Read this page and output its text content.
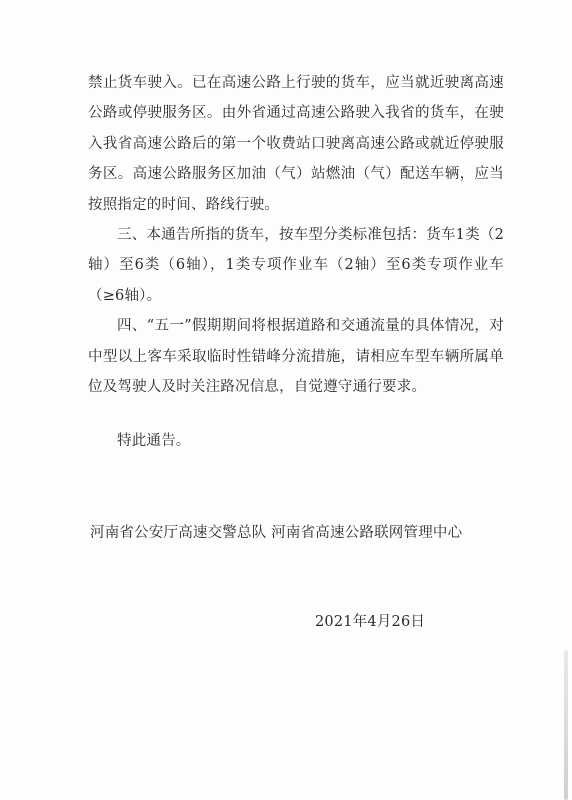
禁止货车驶入。已在高速公路上行驶的货车，应当就近驶离高速公路或停驶服务区。由外省通过高速公路驶入我省的货车，在驶入我省高速公路后的第一个收费站口驶离高速公路或就近停驶服务区。高速公路服务区加油（气）站燃油（气）配送车辆，应当按照指定的时间、路线行驶。

三、本通告所指的货车，按车型分类标准包括：货车1类（2轴）至6类（6轴），1类专项作业车（2轴）至6类专项作业车（≥6轴）。

四、“五一”假期期间将根据道路和交通流量的具体情况，对中型以上客车采取临时性错峰分流措施，请相应车型车辆所属单位及驾驶人及时关注路况信息，自觉遵守通行要求。

特此通告。
河南省公安厅高速交警总队 河南省高速公路联网管理中心
2021年4月26日
